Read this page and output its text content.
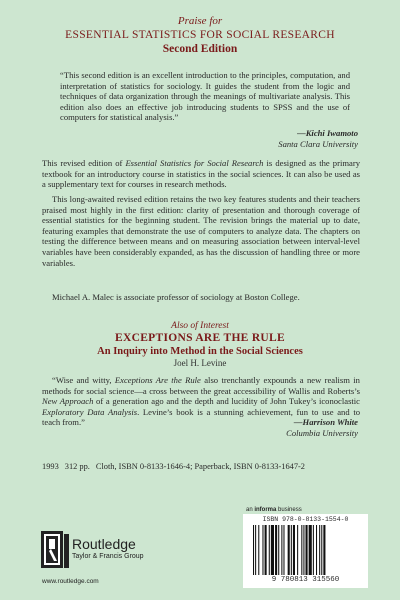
Praise for
ESSENTIAL STATISTICS FOR SOCIAL RESEARCH
Second Edition
“This second edition is an excellent introduction to the principles, computation, and interpretation of statistics for sociology. It guides the student from the logic and techniques of data organization through the meanings of multivariate analysis. This edition also does an effective job introducing students to SPSS and the use of computers for statistical analysis.”
—Kichi Iwamoto
Santa Clara University
This revised edition of Essential Statistics for Social Research is designed as the primary textbook for an introductory course in statistics in the social sciences. It can also be used as a supplementary text for courses in research methods.
This long-awaited revised edition retains the two key features students and their teachers praised most highly in the first edition: clarity of presentation and thorough coverage of essential statistics for the beginning student. The revision brings the material up to date, featuring examples that demonstrate the use of computers to analyze data. The chapters on testing the difference between means and on measuring association between interval-level variables have been considerably expanded, as has the discussion of handling three or more variables.
Michael A. Malec is associate professor of sociology at Boston College.
Also of Interest
EXCEPTIONS ARE THE RULE
An Inquiry into Method in the Social Sciences
Joel H. Levine
“Wise and witty, Exceptions Are the Rule also trenchantly expounds a new realism in methods for social science—a cross between the great accessibility of Wallis and Roberts’s New Approach of a generation ago and the depth and lucidity of John Tukey’s iconoclastic Exploratory Data Analysis. Levine’s book is a stunning achievement, fun to use and to teach from.”	—Harrison White
Columbia University
1993 312 pp. Cloth, ISBN 0-8133-1646-4; Paperback, ISBN 0-8133-1647-2
an informa business
Routledge
Taylor & Francis Group
www.routledge.com
ISBN 978-0-8133-1554-0
9 780813 315560
